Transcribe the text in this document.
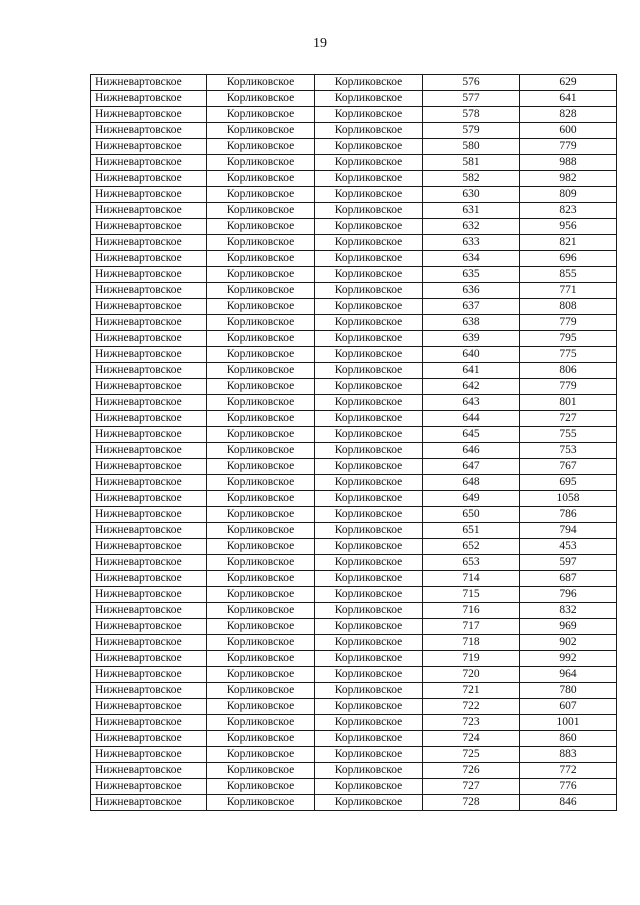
19
Нижневартовское	Корликовское	Корликовское	576	629
Нижневартовское	Корликовское	Корликовское	577	641
Нижневартовское	Корликовское	Корликовское	578	828
Нижневартовское	Корликовское	Корликовское	579	600
Нижневартовское	Корликовское	Корликовское	580	779
Нижневартовское	Корликовское	Корликовское	581	988
Нижневартовское	Корликовское	Корликовское	582	982
Нижневартовское	Корликовское	Корликовское	630	809
Нижневартовское	Корликовское	Корликовское	631	823
Нижневартовское	Корликовское	Корликовское	632	956
Нижневартовское	Корликовское	Корликовское	633	821
Нижневартовское	Корликовское	Корликовское	634	696
Нижневартовское	Корликовское	Корликовское	635	855
Нижневартовское	Корликовское	Корликовское	636	771
Нижневартовское	Корликовское	Корликовское	637	808
Нижневартовское	Корликовское	Корликовское	638	779
Нижневартовское	Корликовское	Корликовское	639	795
Нижневартовское	Корликовское	Корликовское	640	775
Нижневартовское	Корликовское	Корликовское	641	806
Нижневартовское	Корликовское	Корликовское	642	779
Нижневартовское	Корликовское	Корликовское	643	801
Нижневартовское	Корликовское	Корликовское	644	727
Нижневартовское	Корликовское	Корликовское	645	755
Нижневартовское	Корликовское	Корликовское	646	753
Нижневартовское	Корликовское	Корликовское	647	767
Нижневартовское	Корликовское	Корликовское	648	695
Нижневартовское	Корликовское	Корликовское	649	1058
Нижневартовское	Корликовское	Корликовское	650	786
Нижневартовское	Корликовское	Корликовское	651	794
Нижневартовское	Корликовское	Корликовское	652	453
Нижневартовское	Корликовское	Корликовское	653	597
Нижневартовское	Корликовское	Корликовское	714	687
Нижневартовское	Корликовское	Корликовское	715	796
Нижневартовское	Корликовское	Корликовское	716	832
Нижневартовское	Корликовское	Корликовское	717	969
Нижневартовское	Корликовское	Корликовское	718	902
Нижневартовское	Корликовское	Корликовское	719	992
Нижневартовское	Корликовское	Корликовское	720	964
Нижневартовское	Корликовское	Корликовское	721	780
Нижневартовское	Корликовское	Корликовское	722	607
Нижневартовское	Корликовское	Корликовское	723	1001
Нижневартовское	Корликовское	Корликовское	724	860
Нижневартовское	Корликовское	Корликовское	725	883
Нижневартовское	Корликовское	Корликовское	726	772
Нижневартовское	Корликовское	Корликовское	727	776
Нижневартовское	Корликовское	Корликовское	728	846
